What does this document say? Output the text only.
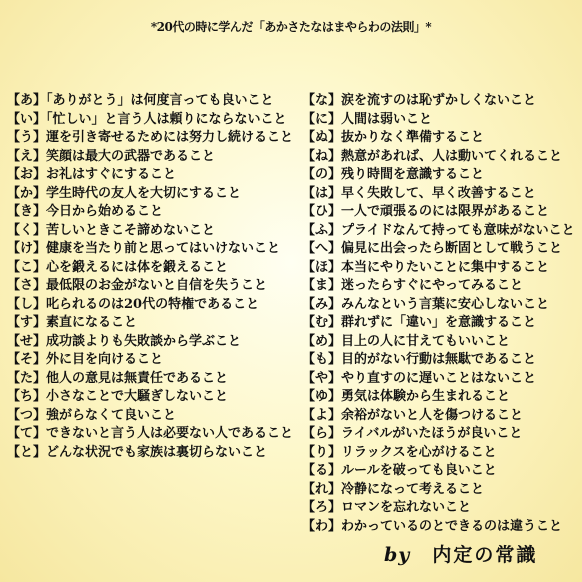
*20代の時に学んだ「あかさたなはまやらわの法則」*
【あ】「ありがとう」は何度言っても良いこと
【い】「忙しい」と言う人は頼りにならないこと
【う】運を引き寄せるためには努力し続けること
【え】笑顔は最大の武器であること
【お】お礼はすぐにすること
【か】学生時代の友人を大切にすること
【き】今日から始めること
【く】苦しいときこそ諦めないこと
【け】健康を当たり前と思ってはいけないこと
【こ】心を鍛えるには体を鍛えること
【さ】最低限のお金がないと自信を失うこと
【し】叱られるのは20代の特権であること
【す】素直になること
【せ】成功談よりも失敗談から学ぶこと
【そ】外に目を向けること
【た】他人の意見は無責任であること
【ち】小さなことで大騒ぎしないこと
【つ】強がらなくて良いこと
【て】できないと言う人は必要ない人であること
【と】どんな状況でも家族は裏切らないこと
【な】涙を流すのは恥ずかしくないこと
【に】人間は弱いこと
【ぬ】抜かりなく準備すること
【ね】熱意があれば、人は動いてくれること
【の】残り時間を意識すること
【は】早く失敗して、早く改善すること
【ひ】一人で頑張るのには限界があること
【ふ】プライドなんて持っても意味がないこと
【へ】偏見に出会ったら断固として戦うこと
【ほ】本当にやりたいことに集中すること
【ま】迷ったらすぐにやってみること
【み】みんなという言葉に安心しないこと
【む】群れずに「違い」を意識すること
【め】目上の人に甘えてもいいこと
【も】目的がない行動は無駄であること
【や】やり直すのに遅いことはないこと
【ゆ】勇気は体験から生まれること
【よ】余裕がないと人を傷つけること
【ら】ライバルがいたほうが良いこと
【り】リラックスを心がけること
【る】ルールを破っても良いこと
【れ】冷静になって考えること
【ろ】ロマンを忘れないこと
【わ】わかっているのとできるのは違うこと
by 内定の常識
